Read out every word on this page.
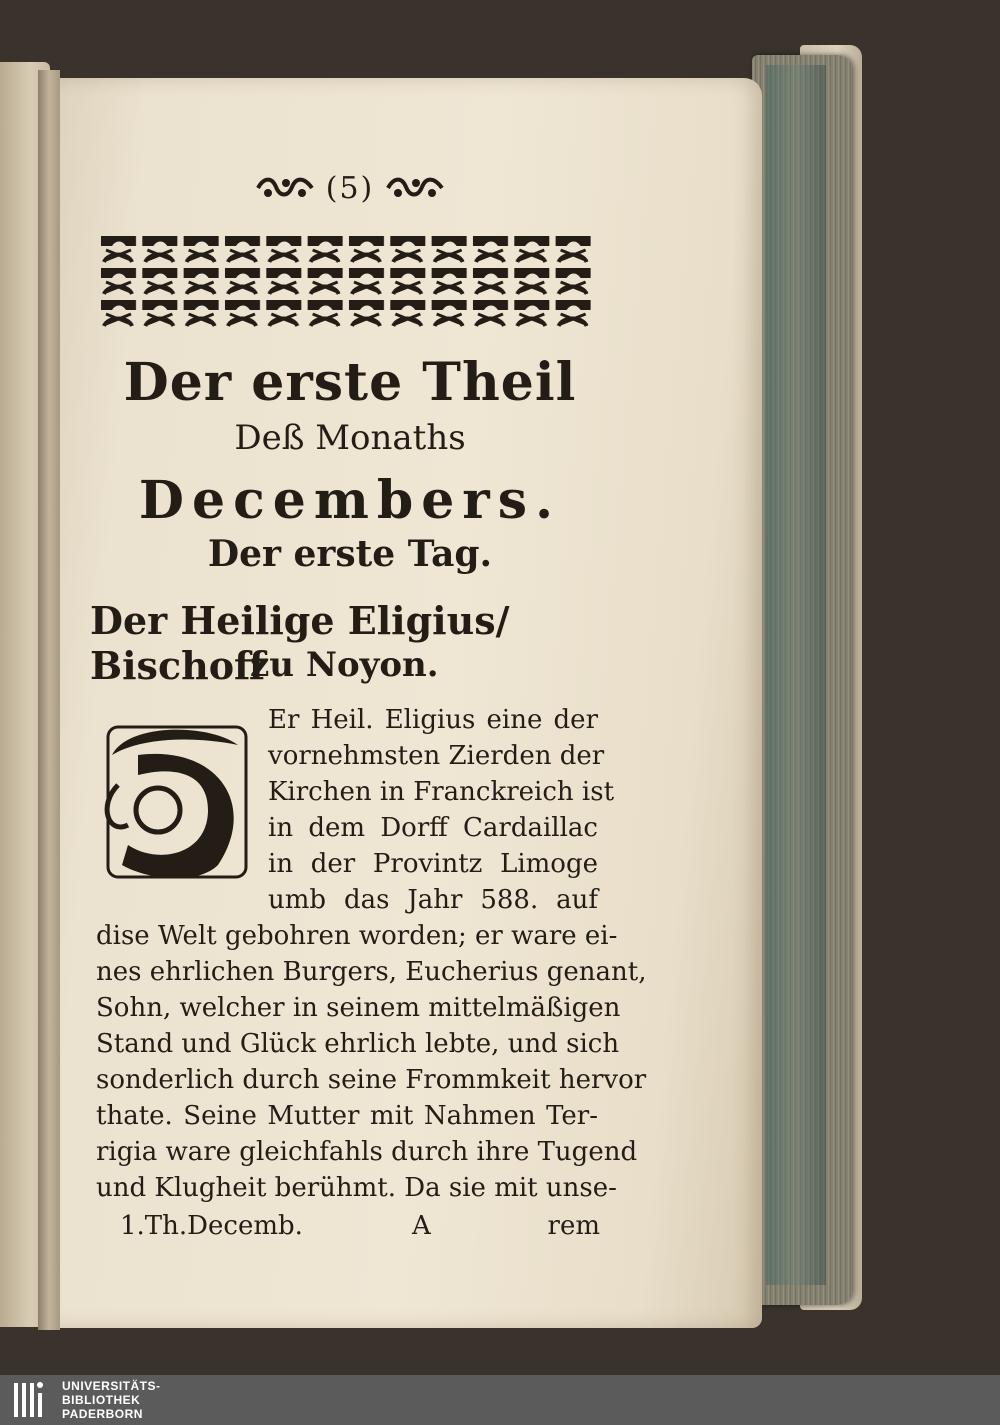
(5)
Der erste Theil
Deß Monaths
Decembers.
Der erste Tag.
Der Heilige Eligius/ Bischoff
zu Noyon.
Er Heil. Eligius eine der
vornehmsten Zierden der
Kirchen in Franckreich ist
in dem Dorff Cardaillac
in der Provintz Limoge
umb das Jahr 588. auf
dise Welt gebohren worden; er ware ei-
nes ehrlichen Burgers, Eucherius genant,
Sohn, welcher in seinem mittelmäßigen
Stand und Glück ehrlich lebte, und sich
sonderlich durch seine Frommkeit hervor
thate. Seine Mutter mit Nahmen Ter-
rigia ware gleichfahls durch ihre Tugend
und Klugheit berühmt. Da sie mit unse-
1.Th.Decemb.	A	rem
UNIVERSITÄTS-
BIBLIOTHEK
PADERBORN
